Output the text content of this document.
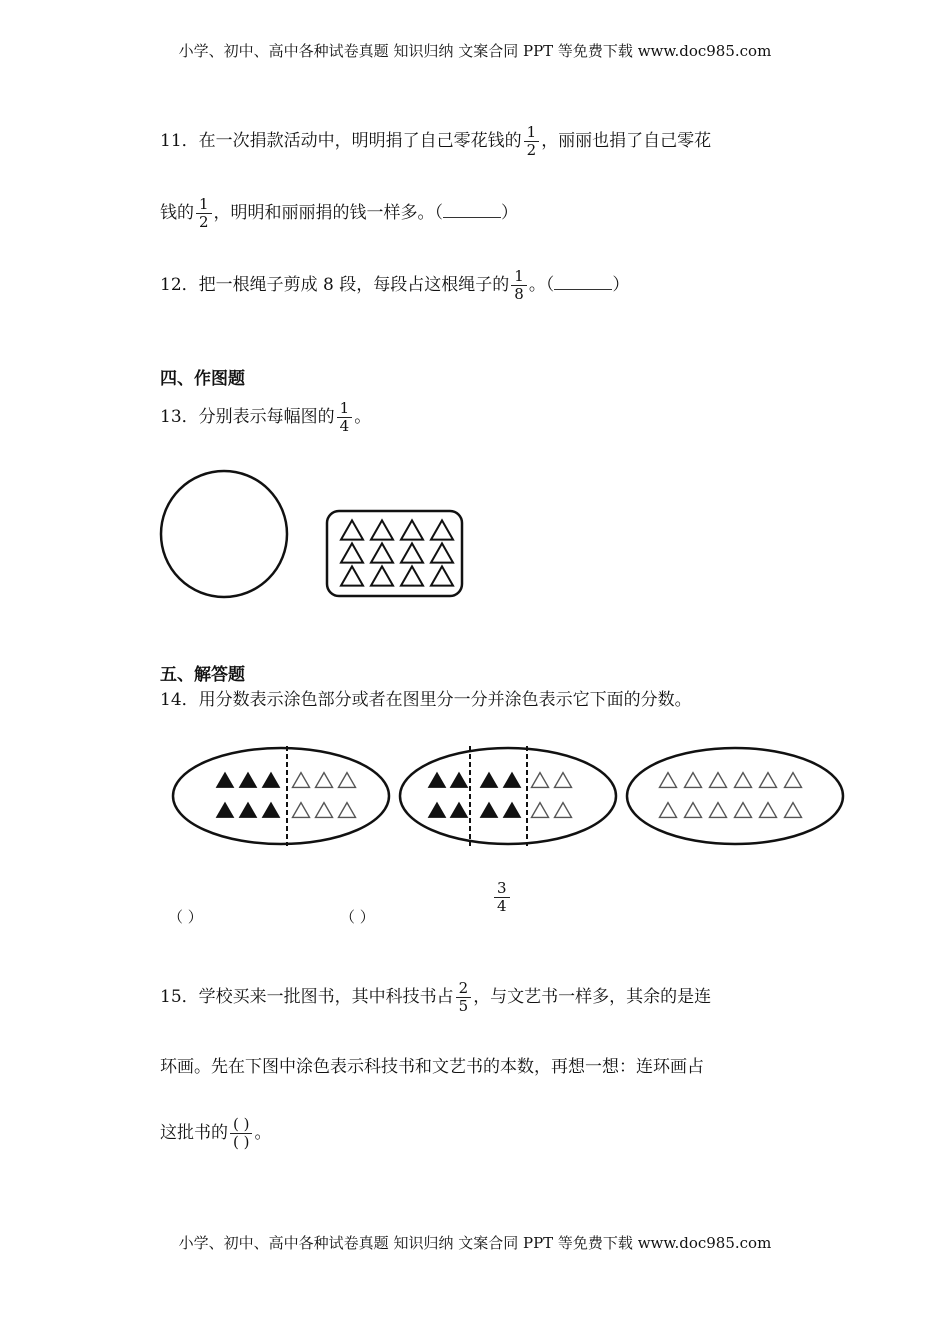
小学、初中、高中各种试卷真题 知识归纳 文案合同 PPT 等免费下载 www.doc985.com
11．在一次捐款活动中，明明捐了自己零花钱的 $\frac{1}{2}$ ，丽丽也捐了自己零花
钱的 $\frac{1}{2}$ ，明明和丽丽捐的钱一样多。（	）
12．把一根绳子剪成 8 段，每段占这根绳子的 $\frac{1}{8}$ 。（	）
四、作图题
13．分别表示每幅图的 $\frac{1}{4}$ 。
五、解答题
14．用分数表示涂色部分或者在图里分一分并涂色表示它下面的分数。
（ ）	（ ）
$\frac{3}{4}$
15．学校买来一批图书，其中科技书占 $\frac{2}{5}$ ，与文艺书一样多，其余的是连
环画。先在下图中涂色表示科技书和文艺书的本数，再想一想：连环画占
这批书的 $\frac{( )}{( )}$ 。
小学、初中、高中各种试卷真题 知识归纳 文案合同 PPT 等免费下载 www.doc985.com
